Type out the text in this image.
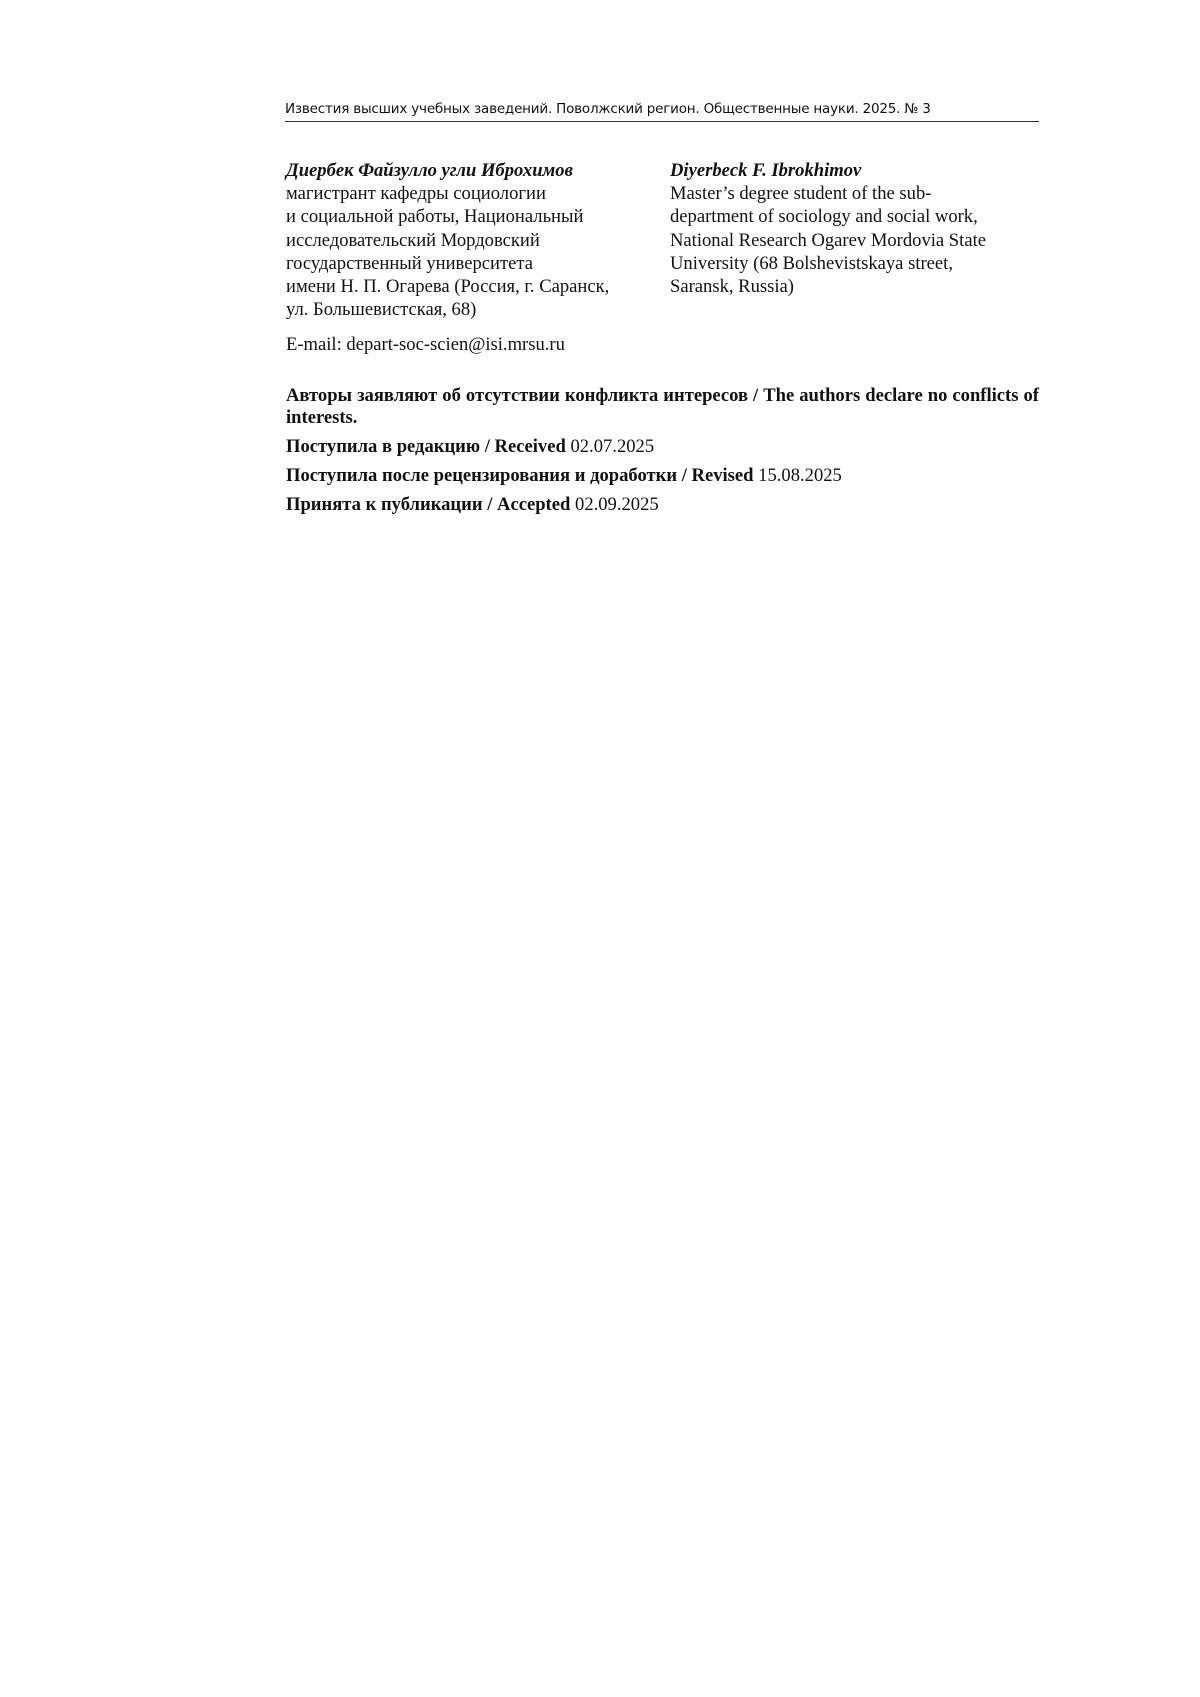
Известия высших учебных заведений. Поволжский регион. Общественные науки. 2025. № 3
Диербек Файзулло угли Иброхимов
магистрант кафедры социологии
и социальной работы, Национальный
исследовательский Мордовский
государственный университета
имени Н. П. Огарева (Россия, г. Саранск,
ул. Большевистская, 68)
E-mail: depart-soc-scien@isi.mrsu.ru
Diyerbeck F. Ibrokhimov
Master’s degree student of the sub-
department of sociology and social work,
National Research Ogarev Mordovia State
University (68 Bolshevistskaya street,
Saransk, Russia)

Авторы заявляют об отсутствии конфликта интересов / The authors declare no conflicts of interests.

Поступила в редакцию / Received 02.07.2025

Поступила после рецензирования и доработки / Revised 15.08.2025

Принята к публикации / Accepted 02.09.2025
